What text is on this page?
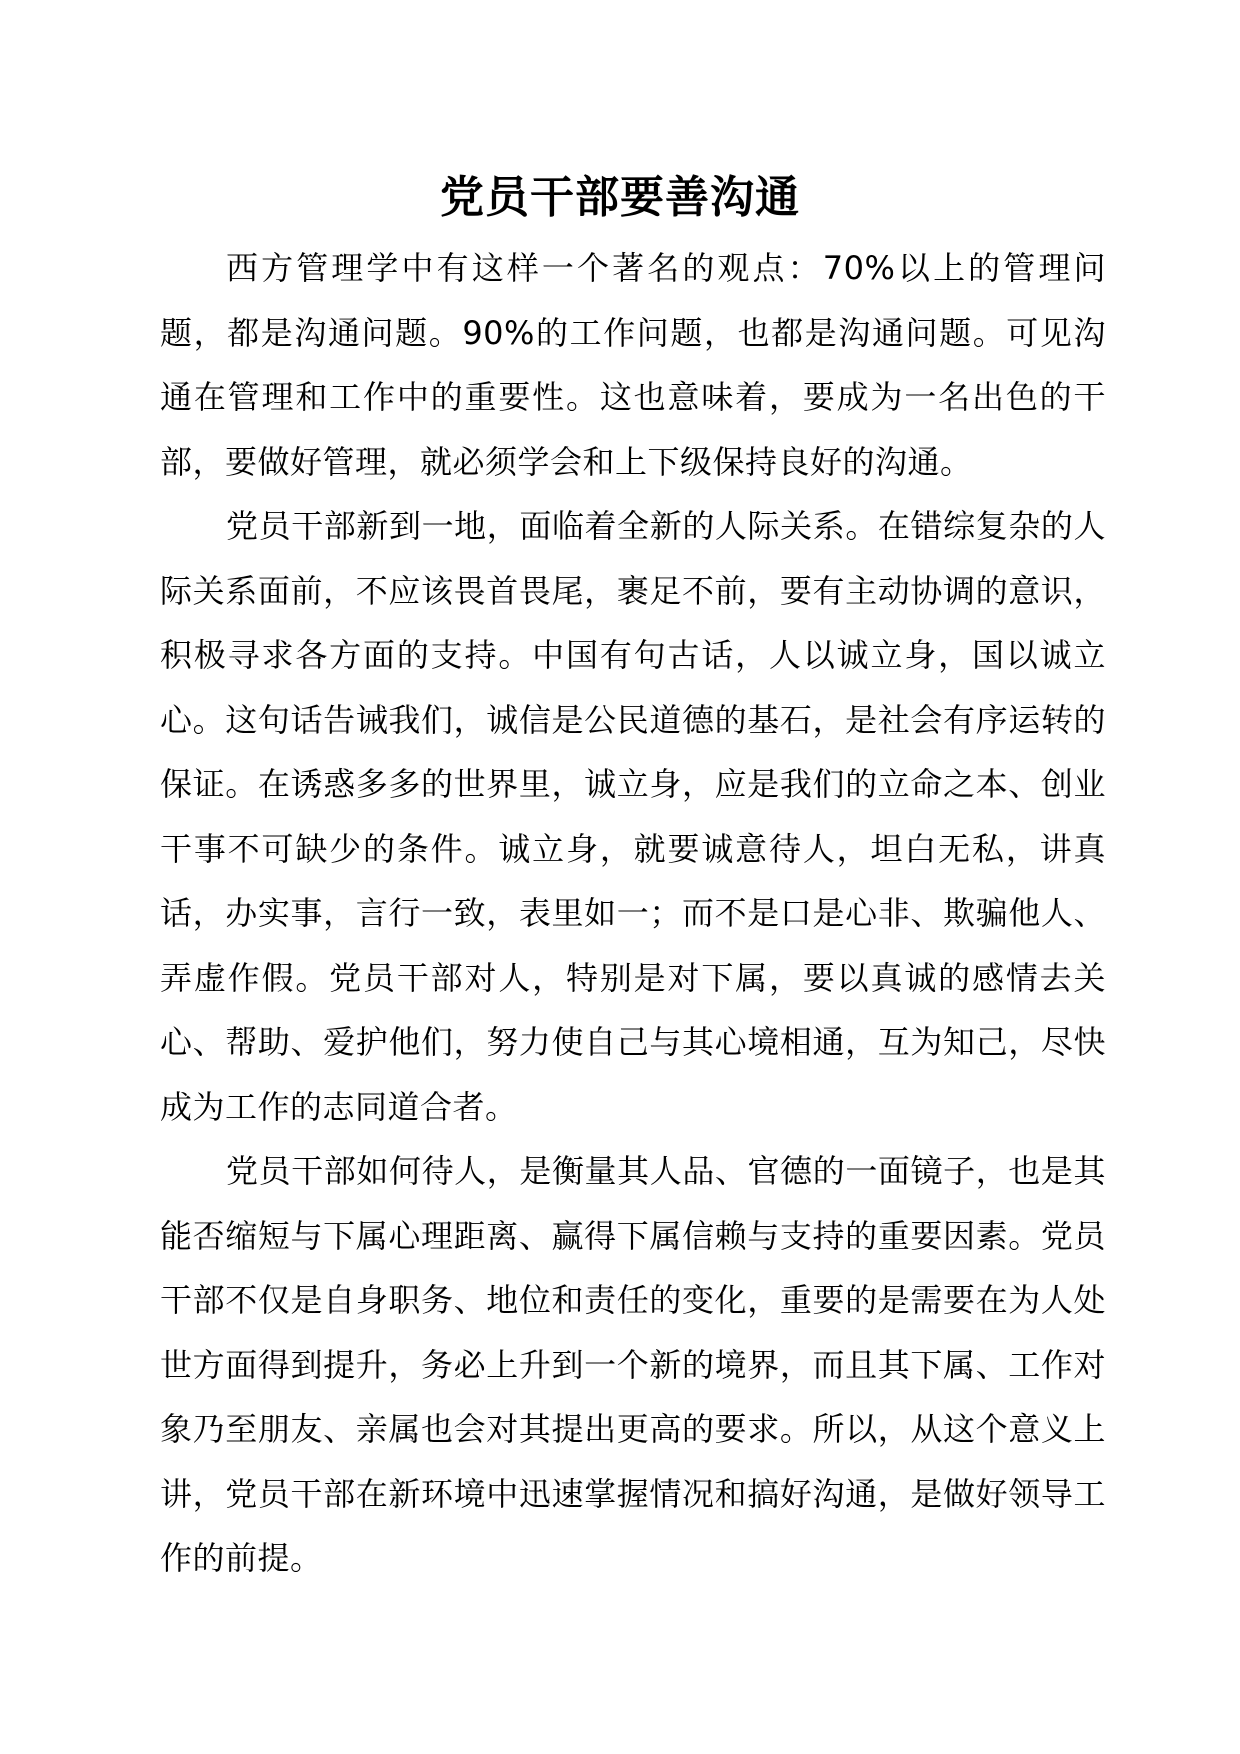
党员干部要善沟通

西方管理学中有这样一个著名的观点：70%以上的管理问题，都是沟通问题。90%的工作问题，也都是沟通问题。可见沟通在管理和工作中的重要性。这也意味着，要成为一名出色的干部，要做好管理，就必须学会和上下级保持良好的沟通。

党员干部新到一地，面临着全新的人际关系。在错综复杂的人际关系面前，不应该畏首畏尾，裹足不前，要有主动协调的意识，积极寻求各方面的支持。中国有句古话，人以诚立身，国以诚立心。这句话告诫我们，诚信是公民道德的基石，是社会有序运转的保证。在诱惑多多的世界里，诚立身，应是我们的立命之本、创业干事不可缺少的条件。诚立身，就要诚意待人，坦白无私，讲真话，办实事，言行一致，表里如一；而不是口是心非、欺骗他人、弄虚作假。党员干部对人，特别是对下属，要以真诚的感情去关心、帮助、爱护他们，努力使自己与其心境相通，互为知己，尽快成为工作的志同道合者。

党员干部如何待人，是衡量其人品、官德的一面镜子，也是其能否缩短与下属心理距离、赢得下属信赖与支持的重要因素。党员干部不仅是自身职务、地位和责任的变化，重要的是需要在为人处世方面得到提升，务必上升到一个新的境界，而且其下属、工作对象乃至朋友、亲属也会对其提出更高的要求。所以，从这个意义上讲，党员干部在新环境中迅速掌握情况和搞好沟通，是做好领导工作的前提。
